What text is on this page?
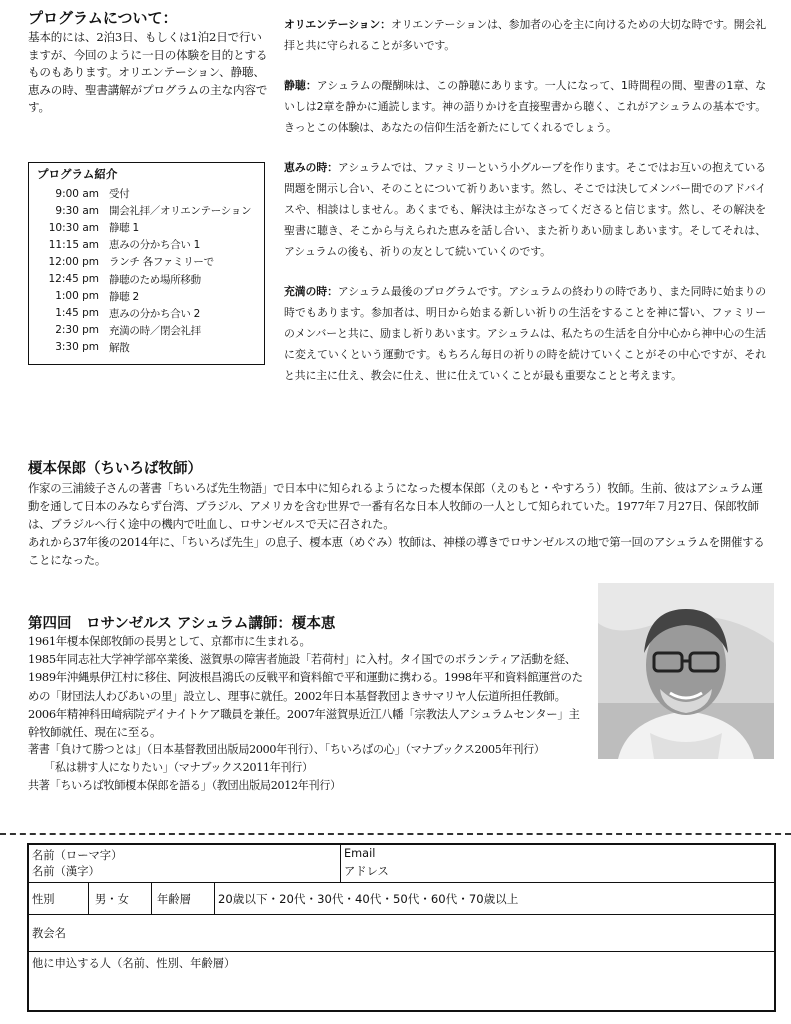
プログラムについて：
基本的には、2泊3日、もしくは1泊2日で行いますが、今回のように一日の体験を目的とするものもあります。オリエンテーション、静聴、恵みの時、聖書講解がプログラムの主な内容です。
プログラム紹介
9:00 am 受付
9:30 am 開会礼拝／オリエンテーション
10:30 am 静聴 1
11:15 am 恵みの分かち合い 1
12:00 pm ランチ 各ファミリーで
12:45 pm 静聴のため場所移動
1:00 pm 静聴 2
1:45 pm 恵みの分かち合い 2
2:30 pm 充満の時／閉会礼拝
3:30 pm 解散

オリエンテーション：オリエンテーションは、参加者の心を主に向けるための大切な時です。開会礼拝と共に守られることが多いです。

静聴：アシュラムの醍醐味は、この静聴にあります。一人になって、1時間程の間、聖書の1章、ないしは2章を静かに通読します。神の語りかけを直接聖書から聴く、これがアシュラムの基本です。きっとこの体験は、あなたの信仰生活を新たにしてくれるでしょう。

恵みの時：アシュラムでは、ファミリーという小グループを作ります。そこではお互いの抱えている問題を開示し合い、そのことについて祈りあいます。然し、そこでは決してメンバー間でのアドバイスや、相談はしません。あくまでも、解決は主がなさってくださると信じます。然し、その解決を聖書に聴き、そこから与えられた恵みを話し合い、また祈りあい励ましあいます。そしてそれは、アシュラムの後も、祈りの友として続いていくのです。

充満の時：アシュラム最後のプログラムです。アシュラムの終わりの時であり、また同時に始まりの時でもあります。参加者は、明日から始まる新しい祈りの生活をすることを神に誓い、ファミリーのメンバーと共に、励まし祈りあいます。アシュラムは、私たちの生活を自分中心から神中心の生活に変えていくという運動です。もちろん毎日の祈りの時を続けていくことがその中心ですが、それと共に主に仕え、教会に仕え、世に仕えていくことが最も重要なことと考えます。

榎本保郎（ちいろば牧師）

作家の三浦綾子さんの著書「ちいろば先生物語」で日本中に知られるようになった榎本保郎（えのもと・やすろう）牧師。生前、彼はアシュラム運動を通して日本のみならず台湾、ブラジル、アメリカを含む世界で一番有名な日本人牧師の一人として知られていた。1977年７月27日、保郎牧師は、ブラジルへ行く途中の機内で吐血し、ロサンゼルスで天に召された。

あれから37年後の2014年に、「ちいろば先生」の息子、榎本恵（めぐみ）牧師は、神様の導きでロサンゼルスの地で第一回のアシュラムを開催することになった。

第四回　ロサンゼルス アシュラム講師：榎本恵

1961年榎本保郎牧師の長男として、京都市に生まれる。

1985年同志社大学神学部卒業後、滋賀県の障害者施設「若荷村」に入村。タイ国でのボランティア活動を経、1989年沖縄県伊江村に移住、阿波根昌鴻氏の反戦平和資料館で平和運動に携わる。1998年平和資料館運営のための「財団法人わびあいの里」設立し、理事に就任。2002年日本基督教団よきサマリヤ人伝道所担任教師。2006年精神科田﨑病院デイナイトケア職員を兼任。2007年滋賀県近江八幡「宗教法人アシュラムセンター」主幹牧師就任、現在に至る。

著書「負けて勝つとは」（日本基督教団出版局2000年刊行）、「ちいろばの心」（マナブックス2005年刊行）

　　「私は耕す人になりたい」（マナブックス2011年刊行）

共著「ちいろば牧師榎本保郎を語る」（教団出版局2012年刊行）

名前（ローマ字）
名前（漢字）
Email
アドレス
性別	男・女 年齢層 20歳以下・20代・30代・40代・50代・60代・70歳以上
教会名
他に申込する人（名前、性別、年齢層）
